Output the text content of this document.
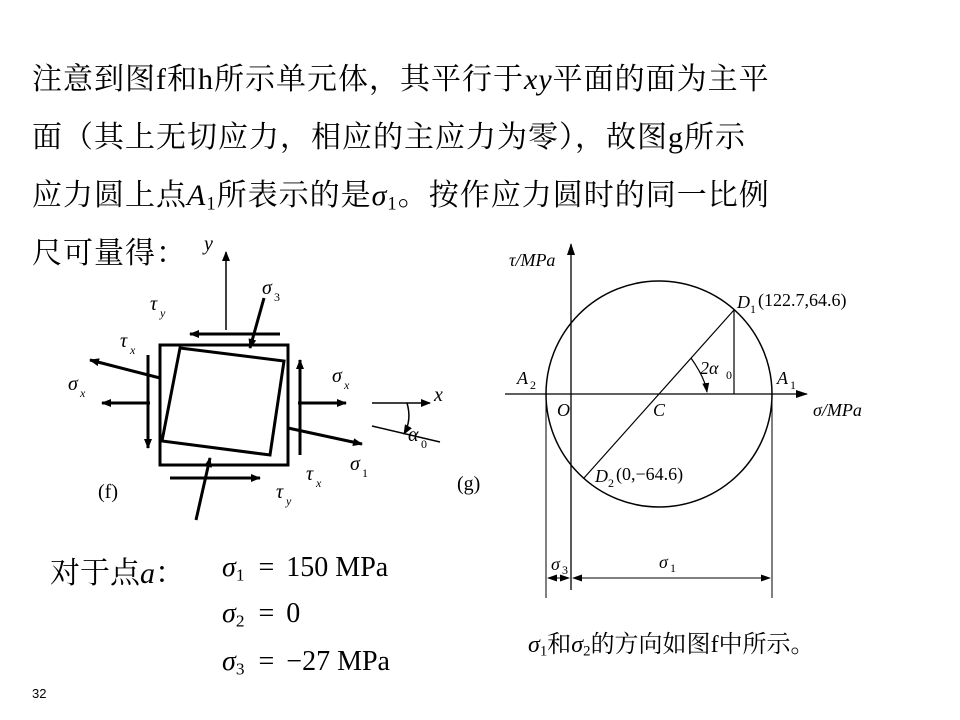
注意到图f和h所示单元体，其平行于xy平面的面为主平
面（其上无切应力，相应的主应力为零），故图g所示
应力圆上点$A_1$所表示的是$\sigma_1$。按作应力圆时的同一比例
尺可量得： y
x
τ y
τ x
σ x
σ 3
σ x
α 0
σ 1
τ x
τ y
(f)
τ/MPa
σ/MPa
A 2	A 1
O	C
D 1 (122.7,64.6)
D 2 (0,−64.6)
2α 0
σ 3	σ 1
(g)
对于点a： $\sigma_1 = 150$ MPa
$\sigma_2 = 0$
$\sigma_3 = -27$ MPa
$\sigma_1$和$\sigma_2$的方向如图f中所示。
32
